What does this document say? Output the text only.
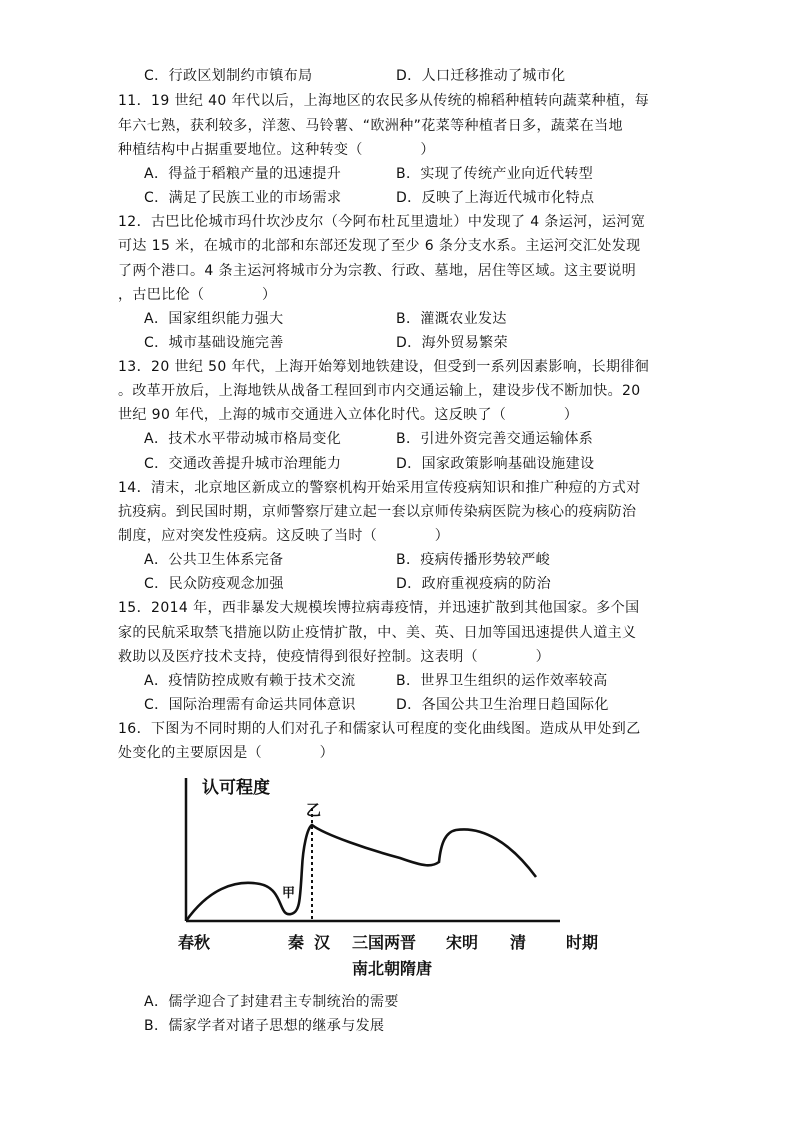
C．行政区划制约市镇布局	D．人口迁移推动了城市化
11．19 世纪 40 年代以后，上海地区的农民多从传统的棉稻种植转向蔬菜种植，每
年六七熟，获利较多，洋葱、马铃薯、“欧洲种”花菜等种植者日多，蔬菜在当地
种植结构中占据重要地位。这种转变（　　　　）
A．得益于稻粮产量的迅速提升	B．实现了传统产业向近代转型
C．满足了民族工业的市场需求	D．反映了上海近代城市化特点
12．古巴比伦城市玛什坎沙皮尔（今阿布杜瓦里遗址）中发现了 4 条运河，运河宽
可达 15 米，在城市的北部和东部还发现了至少 6 条分支水系。主运河交汇处发现
了两个港口。4 条主运河将城市分为宗教、行政、墓地，居住等区域。这主要说明
，古巴比伦（　　　　）
A．国家组织能力强大	B．灌溉农业发达
C．城市基础设施完善	D．海外贸易繁荣
13．20 世纪 50 年代，上海开始筹划地铁建设，但受到一系列因素影响，长期徘徊
。改革开放后，上海地铁从战备工程回到市内交通运输上，建设步伐不断加快。20
世纪 90 年代，上海的城市交通进入立体化时代。这反映了（　　　　）
A．技术水平带动城市格局变化	B．引进外资完善交通运输体系
C．交通改善提升城市治理能力	D．国家政策影响基础设施建设
14．清末，北京地区新成立的警察机构开始采用宣传疫病知识和推广种痘的方式对
抗疫病。到民国时期，京师警察厅建立起一套以京师传染病医院为核心的疫病防治
制度，应对突发性疫病。这反映了当时（　　　　）
A．公共卫生体系完备	B．疫病传播形势较严峻
C．民众防疫观念加强	D．政府重视疫病的防治
15．2014 年，西非暴发大规模埃博拉病毒疫情，并迅速扩散到其他国家。多个国
家的民航采取禁飞措施以防止疫情扩散，中、美、英、日加等国迅速提供人道主义
救助以及医疗技术支持，使疫情得到很好控制。这表明（　　　　）
A．疫情防控成败有赖于技术交流	B．世界卫生组织的运作效率较高
C．国际治理需有命运共同体意识	D．各国公共卫生治理日趋国际化
16．下图为不同时期的人们对孔子和儒家认可程度的变化曲线图。造成从甲处到乙
处变化的主要原因是（　　　　）
认可程度
乙
甲
春秋	秦 汉 三国两晋 宋明 清 时期
南北朝隋唐
A．儒学迎合了封建君主专制统治的需要
B．儒家学者对诸子思想的继承与发展
